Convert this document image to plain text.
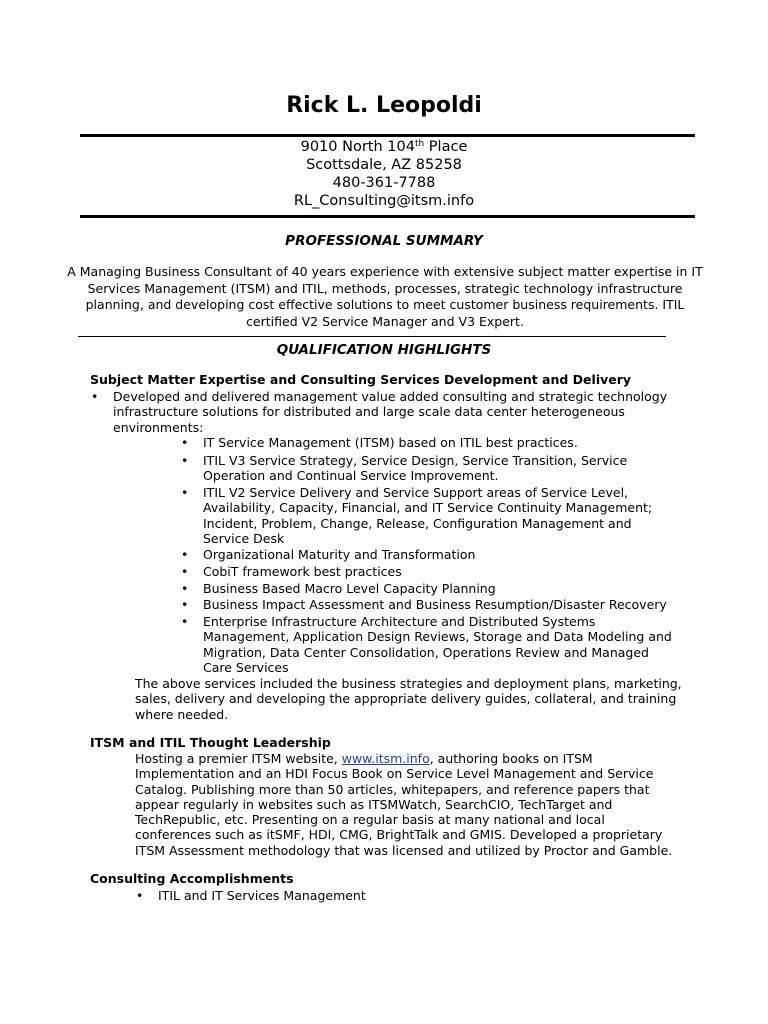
Rick L. Leopoldi
9010 North 104th Place
Scottsdale, AZ 85258
480-361-7788
RL_Consulting@itsm.info
PROFESSIONAL SUMMARY
A Managing Business Consultant of 40 years experience with extensive subject matter expertise in IT Services Management (ITSM) and ITIL, methods, processes, strategic technology infrastructure planning, and developing cost effective solutions to meet customer business requirements. ITIL certified V2 Service Manager and V3 Expert.
QUALIFICATION HIGHLIGHTS
Subject Matter Expertise and Consulting Services Development and Delivery
• Developed and delivered management value added consulting and strategic technology infrastructure solutions for distributed and large scale data center heterogeneous environments:
• IT Service Management (ITSM) based on ITIL best practices.
• ITIL V3 Service Strategy, Service Design, Service Transition, Service Operation and Continual Service Improvement.
• ITIL V2 Service Delivery and Service Support areas of Service Level, Availability, Capacity, Financial, and IT Service Continuity Management; Incident, Problem, Change, Release, Configuration Management and Service Desk
• Organizational Maturity and Transformation
• CobiT framework best practices
• Business Based Macro Level Capacity Planning
• Business Impact Assessment and Business Resumption/Disaster Recovery
• Enterprise Infrastructure Architecture and Distributed Systems Management, Application Design Reviews, Storage and Data Modeling and Migration, Data Center Consolidation, Operations Review and Managed Care Services
The above services included the business strategies and deployment plans, marketing, sales, delivery and developing the appropriate delivery guides, collateral, and training where needed.
ITSM and ITIL Thought Leadership
Hosting a premier ITSM website, www.itsm.info, authoring books on ITSM Implementation and an HDI Focus Book on Service Level Management and Service Catalog. Publishing more than 50 articles, whitepapers, and reference papers that appear regularly in websites such as ITSMWatch, SearchCIO, TechTarget and TechRepublic, etc. Presenting on a regular basis at many national and local conferences such as itSMF, HDI, CMG, BrightTalk and GMIS. Developed a proprietary ITSM Assessment methodology that was licensed and utilized by Proctor and Gamble.
Consulting Accomplishments
• ITIL and IT Services Management
